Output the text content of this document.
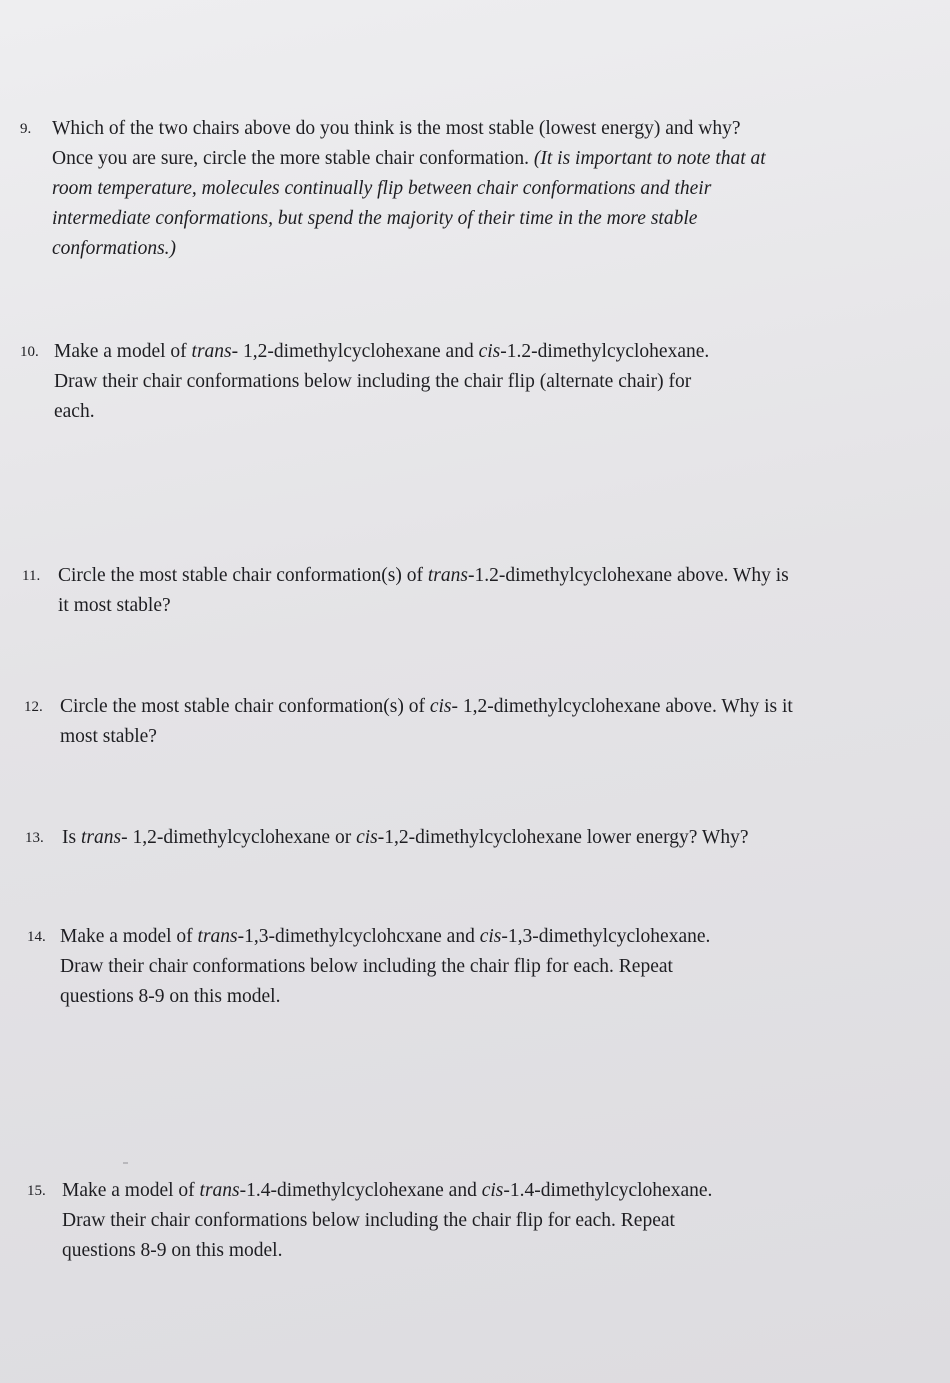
9. Which of the two chairs above do you think is the most stable (lowest energy) and why?
Once you are sure, circle the more stable chair conformation. (It is important to note that at
room temperature, molecules continually flip between chair conformations and their
intermediate conformations, but spend the majority of their time in the more stable
conformations.)
10. Make a model of trans- 1,2-dimethylcyclohexane and cis-1.2-dimethylcyclohexane.
Draw their chair conformations below including the chair flip (alternate chair) for
each.
11. Circle the most stable chair conformation(s) of trans-1.2-dimethylcyclohexane above. Why is
it most stable?
12. Circle the most stable chair conformation(s) of cis- 1,2-dimethylcyclohexane above. Why is it
most stable?
13. Is trans- 1,2-dimethylcyclohexane or cis-1,2-dimethylcyclohexane lower energy? Why?
14. Make a model of trans-1,3-dimethylcyclohcxane and cis-1,3-dimethylcyclohexane.
Draw their chair conformations below including the chair flip for each. Repeat
questions 8-9 on this model.
15. Make a model of trans-1.4-dimethylcyclohexane and cis-1.4-dimethylcyclohexane.
Draw their chair conformations below including the chair flip for each. Repeat
questions 8-9 on this model.
